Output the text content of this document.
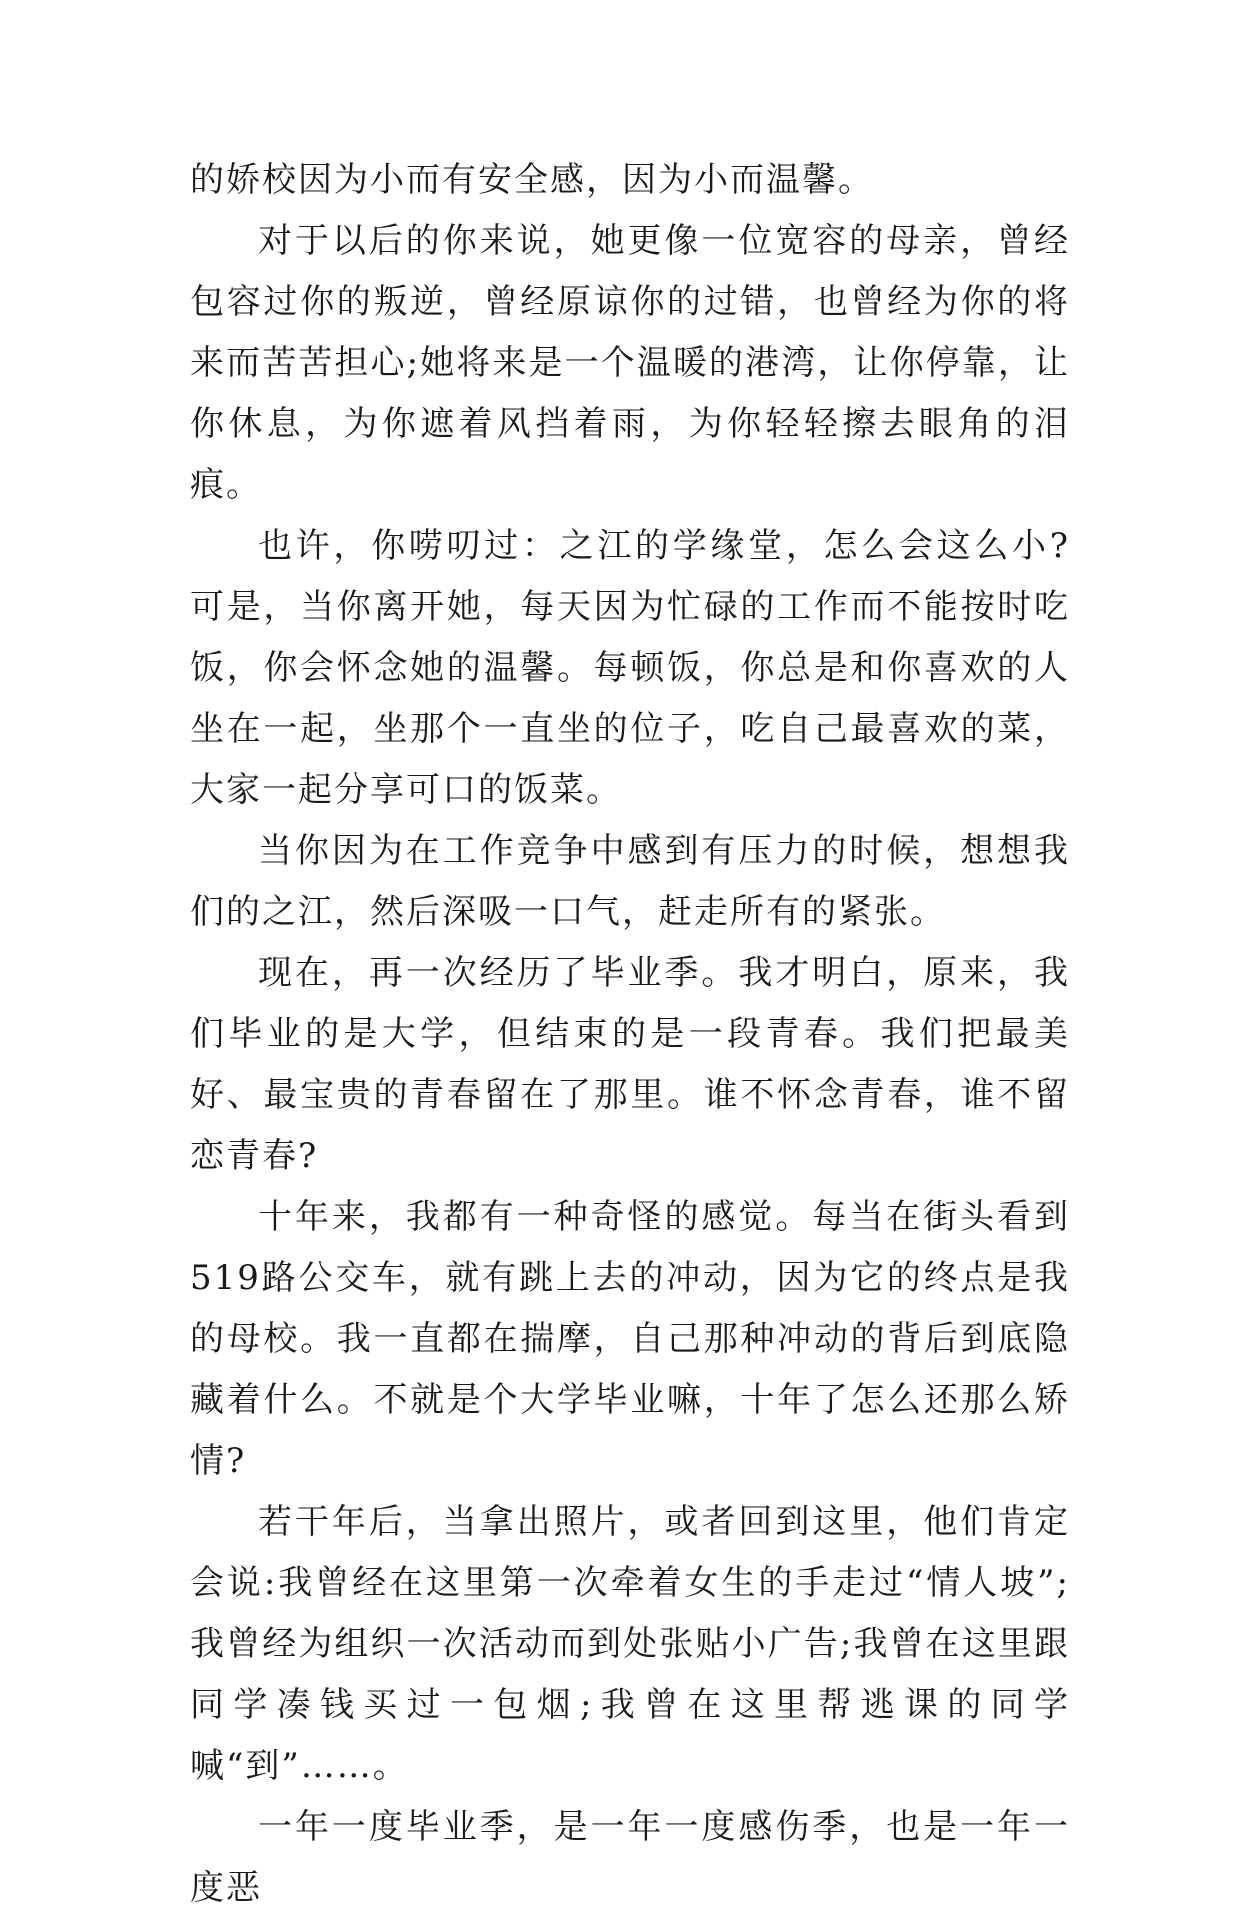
的娇校因为小而有安全感，因为小而温馨。

对于以后的你来说，她更像一位宽容的母亲，曾经包容过你的叛逆，曾经原谅你的过错，也曾经为你的将来而苦苦担心;她将来是一个温暖的港湾，让你停靠，让你休息，为你遮着风挡着雨，为你轻轻擦去眼角的泪痕。

也许，你唠叨过：之江的学缘堂，怎么会这么小?可是，当你离开她，每天因为忙碌的工作而不能按时吃饭，你会怀念她的温馨。每顿饭，你总是和你喜欢的人坐在一起，坐那个一直坐的位子，吃自己最喜欢的菜，大家一起分享可口的饭菜。

当你因为在工作竞争中感到有压力的时候，想想我们的之江，然后深吸一口气，赶走所有的紧张。

现在，再一次经历了毕业季。我才明白，原来，我们毕业的是大学，但结束的是一段青春。我们把最美好、最宝贵的青春留在了那里。谁不怀念青春，谁不留恋青春?

十年来，我都有一种奇怪的感觉。每当在街头看到519路公交车，就有跳上去的冲动，因为它的终点是我的母校。我一直都在揣摩，自己那种冲动的背后到底隐藏着什么。不就是个大学毕业嘛，十年了怎么还那么矫情?

若干年后，当拿出照片，或者回到这里，他们肯定会说:我曾经在这里第一次牵着女生的手走过“情人坡”;我曾经为组织一次活动而到处张贴小广告;我曾在这里跟同学凑钱买过一包烟;我曾在这里帮逃课的同学喊“到”……。

一年一度毕业季，是一年一度感伤季，也是一年一度恶
